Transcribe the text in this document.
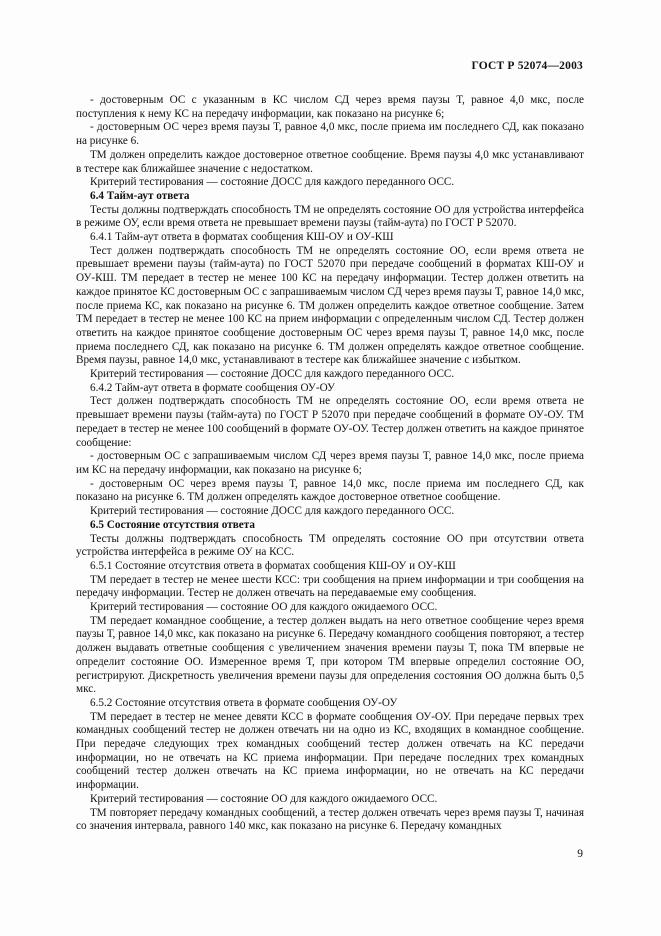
ГОСТ Р 52074—2003

- достоверным ОС с указанным в КС числом СД через время паузы Т, равное 4,0 мкс, после поступления к нему КС на передачу информации, как показано на рисунке 6;

- достоверным ОС через время паузы Т, равное 4,0 мкс, после приема им последнего СД, как показано на рисунке 6.

ТМ должен определить каждое достоверное ответное сообщение. Время паузы 4,0 мкс устанавливают в тестере как ближайшее значение с недостатком.

Критерий тестирования — состояние ДОСС для каждого переданного ОСС.

6.4 Тайм-аут ответа

Тесты должны подтверждать способность ТМ не определять состояние ОО для устройства интерфейса в режиме ОУ, если время ответа не превышает времени паузы (тайм-аута) по ГОСТ Р 52070.

6.4.1 Тайм-аут ответа в форматах сообщения КШ-ОУ и ОУ-КШ

Тест должен подтверждать способность ТМ не определять состояние ОО, если время ответа не превышает времени паузы (тайм-аута) по ГОСТ 52070 при передаче сообщений в форматах КШ-ОУ и ОУ-КШ. ТМ передает в тестер не менее 100 КС на передачу информации. Тестер должен ответить на каждое принятое КС достоверным ОС с запрашиваемым числом СД через время паузы Т, равное 14,0 мкс, после приема КС, как показано на рисунке 6. ТМ должен определить каждое ответное сообщение. Затем ТМ передает в тестер не менее 100 КС на прием информации с определенным числом СД. Тестер должен ответить на каждое принятое сообщение достоверным ОС через время паузы Т, равное 14,0 мкс, после приема последнего СД, как показано на рисунке 6. ТМ должен определять каждое ответное сообщение. Время паузы, равное 14,0 мкс, устанавливают в тестере как ближайшее значение с избытком.

Критерий тестирования — состояние ДОСС для каждого переданного ОСС.

6.4.2 Тайм-аут ответа в формате сообщения ОУ-ОУ

Тест должен подтверждать способность ТМ не определять состояние ОО, если время ответа не превышает времени паузы (тайм-аута) по ГОСТ Р 52070 при передаче сообщений в формате ОУ-ОУ. ТМ передает в тестер не менее 100 сообщений в формате ОУ-ОУ. Тестер должен ответить на каждое принятое сообщение:

- достоверным ОС с запрашиваемым числом СД через время паузы Т, равное 14,0 мкс, после приема им КС на передачу информации, как показано на рисунке 6;

- достоверным ОС через время паузы Т, равное 14,0 мкс, после приема им последнего СД, как показано на рисунке 6. ТМ должен определять каждое достоверное ответное сообщение.

Критерий тестирования — состояние ДОСС для каждого переданного ОСС.

6.5 Состояние отсутствия ответа

Тесты должны подтверждать способность ТМ определять состояние ОО при отсутствии ответа устройства интерфейса в режиме ОУ на КСС.

6.5.1 Состояние отсутствия ответа в форматах сообщения КШ-ОУ и ОУ-КШ

ТМ передает в тестер не менее шести КСС: три сообщения на прием информации и три сообщения на передачу информации. Тестер не должен отвечать на передаваемые ему сообщения.

Критерий тестирования — состояние ОО для каждого ожидаемого ОСС.

ТМ передает командное сообщение, а тестер должен выдать на него ответное сообщение через время паузы Т, равное 14,0 мкс, как показано на рисунке 6. Передачу командного сообщения повторяют, а тестер должен выдавать ответные сообщения с увеличением значения времени паузы Т, пока ТМ впервые не определит состояние ОО. Измеренное время Т, при котором ТМ впервые определил состояние ОО, регистрируют. Дискретность увеличения времени паузы для определения состояния ОО должна быть 0,5 мкс.

6.5.2 Состояние отсутствия ответа в формате сообщения ОУ-ОУ

ТМ передает в тестер не менее девяти КСС в формате сообщения ОУ-ОУ. При передаче первых трех командных сообщений тестер не должен отвечать ни на одно из КС, входящих в командное сообщение. При передаче следующих трех командных сообщений тестер должен отвечать на КС передачи информации, но не отвечать на КС приема информации. При передаче последних трех командных сообщений тестер должен отвечать на КС приема информации, но не отвечать на КС передачи информации.

Критерий тестирования — состояние ОО для каждого ожидаемого ОСС.

ТМ повторяет передачу командных сообщений, а тестер должен отвечать через время паузы Т, начиная со значения интервала, равного 140 мкс, как показано на рисунке 6. Передачу командных

9
